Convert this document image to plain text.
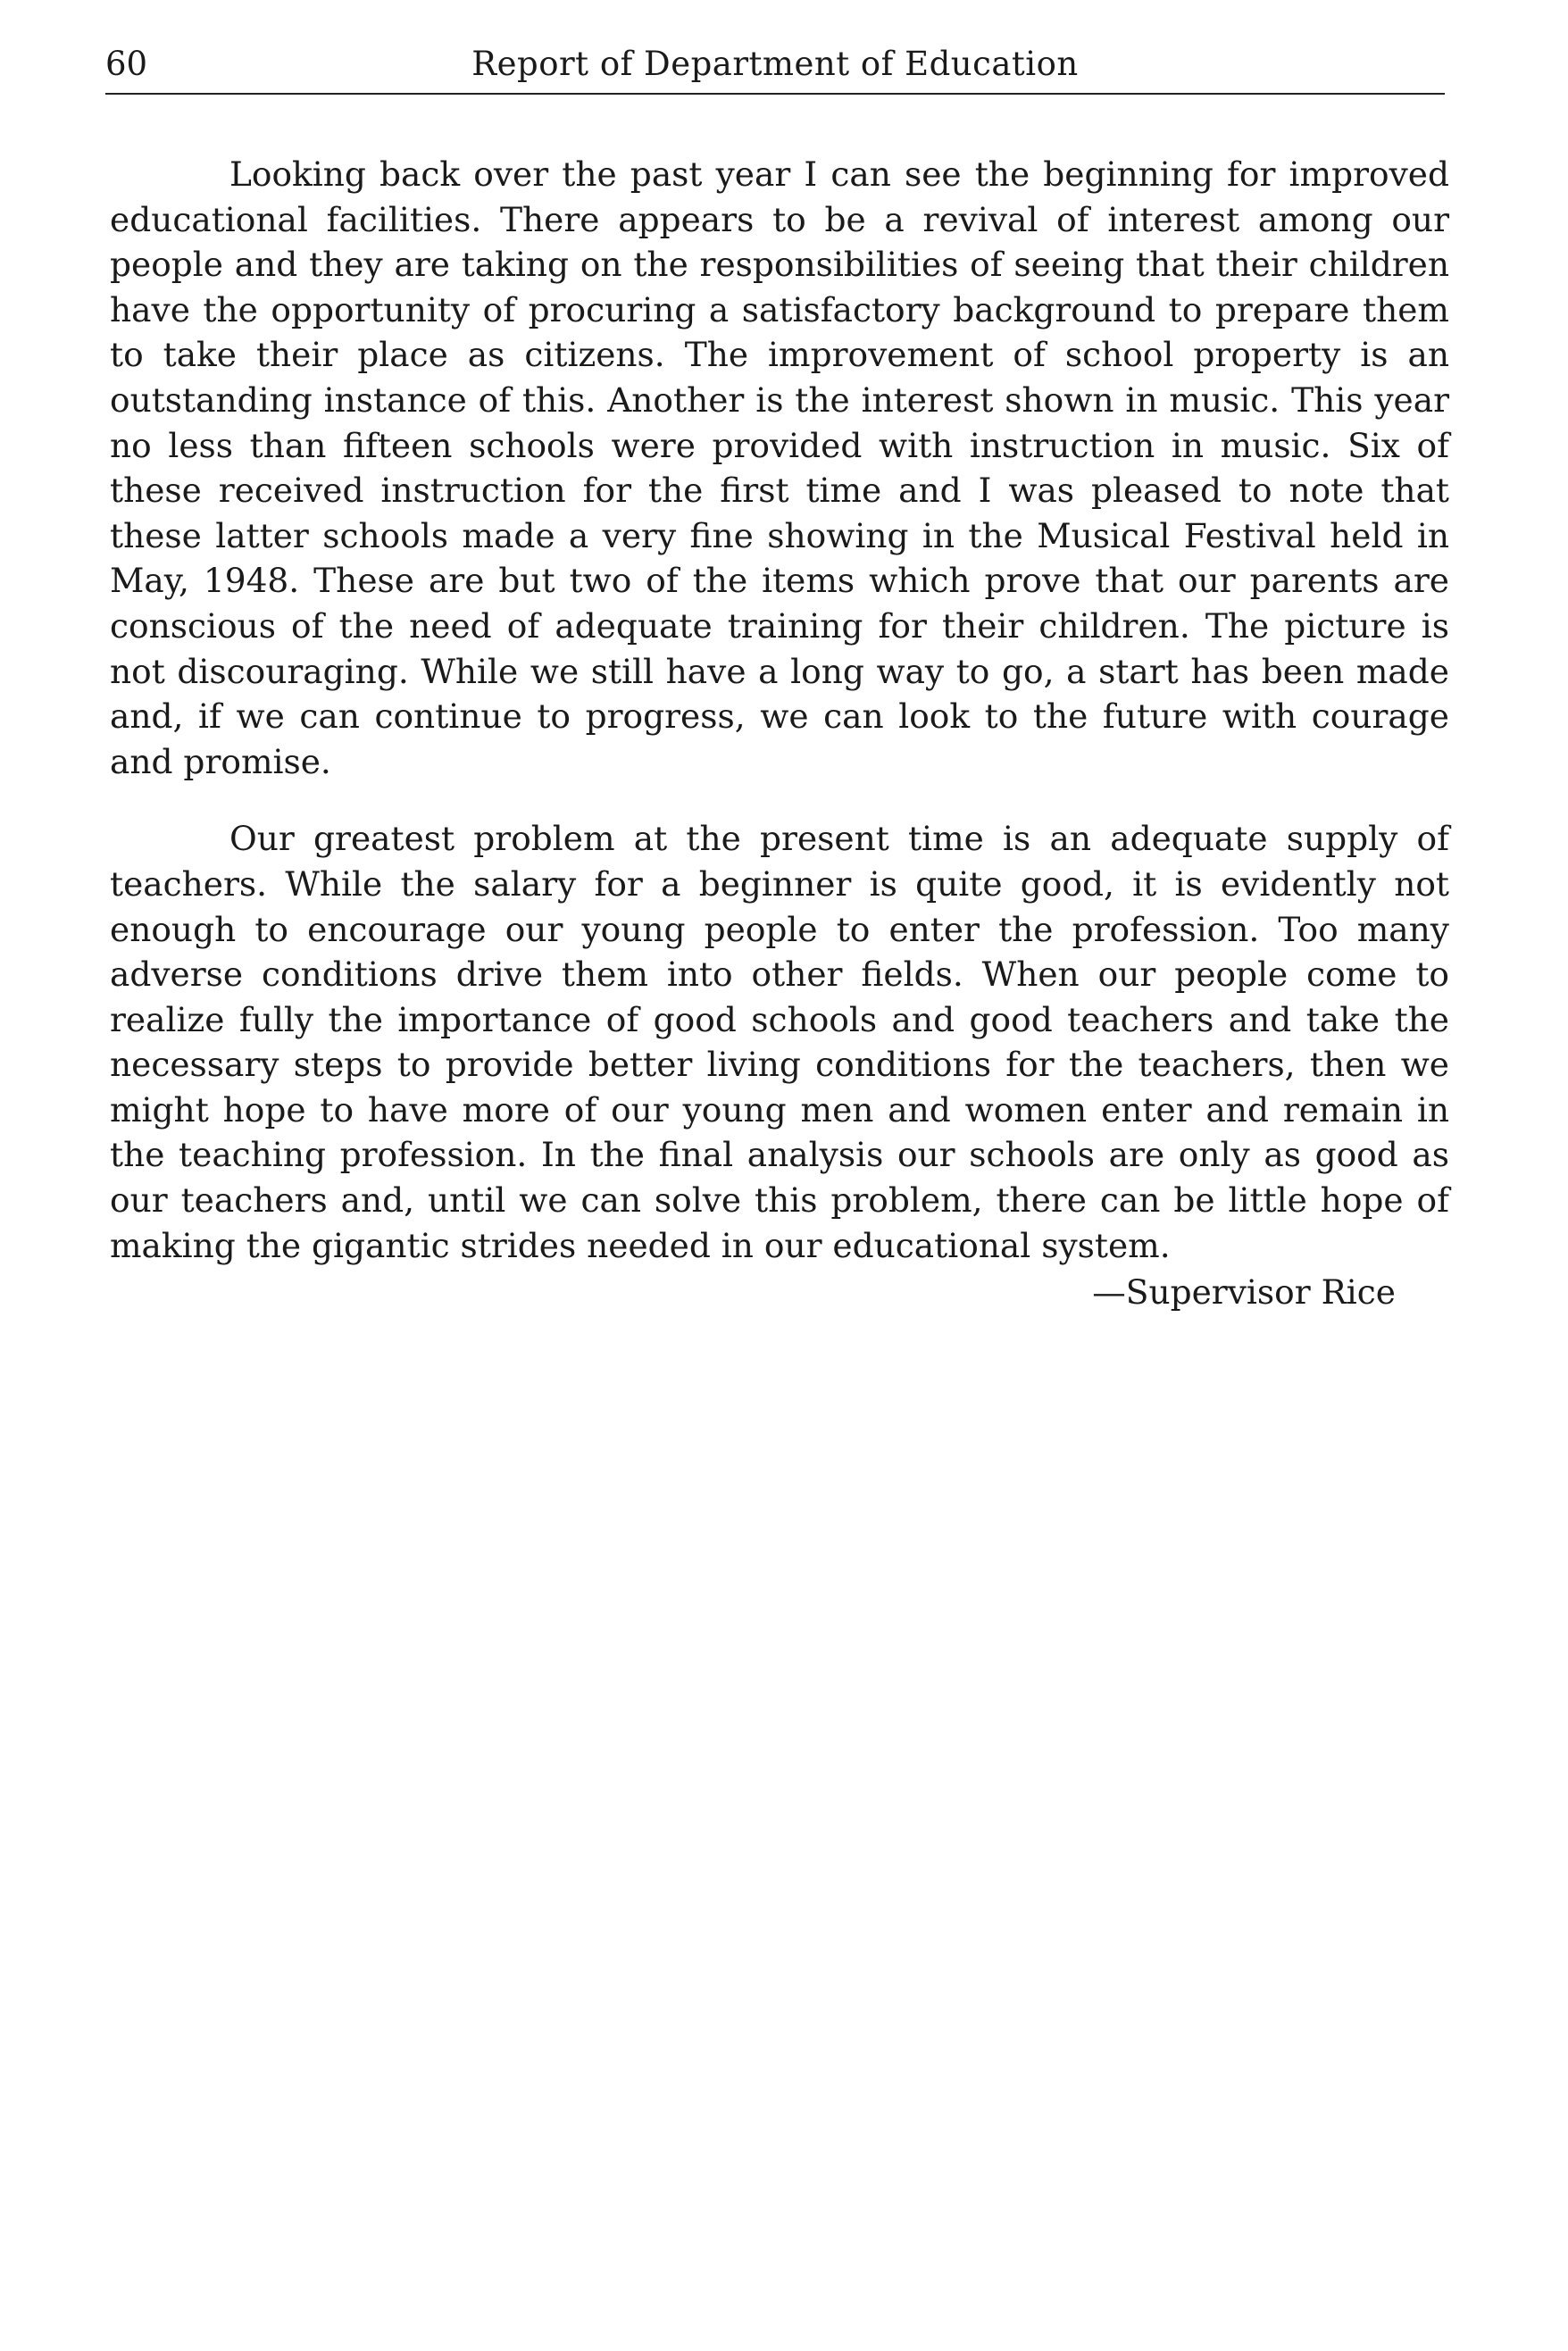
60	Report of Department of Education

Looking back over the past year I can see the beginning for improved educational facilities. There appears to be a revival of interest among our people and they are taking on the responsibilities of seeing that their children have the opportunity of procuring a satisfactory background to prepare them to take their place as citizens. The improvement of school property is an outstanding instance of this. Another is the interest shown in music. This year no less than fifteen schools were provided with instruction in music. Six of these received instruction for the first time and I was pleased to note that these latter schools made a very fine showing in the Musical Festival held in May, 1948. These are but two of the items which prove that our parents are conscious of the need of adequate training for their children. The picture is not discouraging. While we still have a long way to go, a start has been made and, if we can continue to progress, we can look to the future with courage and promise.

Our greatest problem at the present time is an adequate supply of teachers. While the salary for a beginner is quite good, it is evidently not enough to encourage our young people to enter the profession. Too many adverse conditions drive them into other fields. When our people come to realize fully the importance of good schools and good teachers and take the necessary steps to provide better living conditions for the teachers, then we might hope to have more of our young men and women enter and remain in the teaching profession. In the final analysis our schools are only as good as our teachers and, until we can solve this problem, there can be little hope of making the gigantic strides needed in our educational system.

—Supervisor Rice
